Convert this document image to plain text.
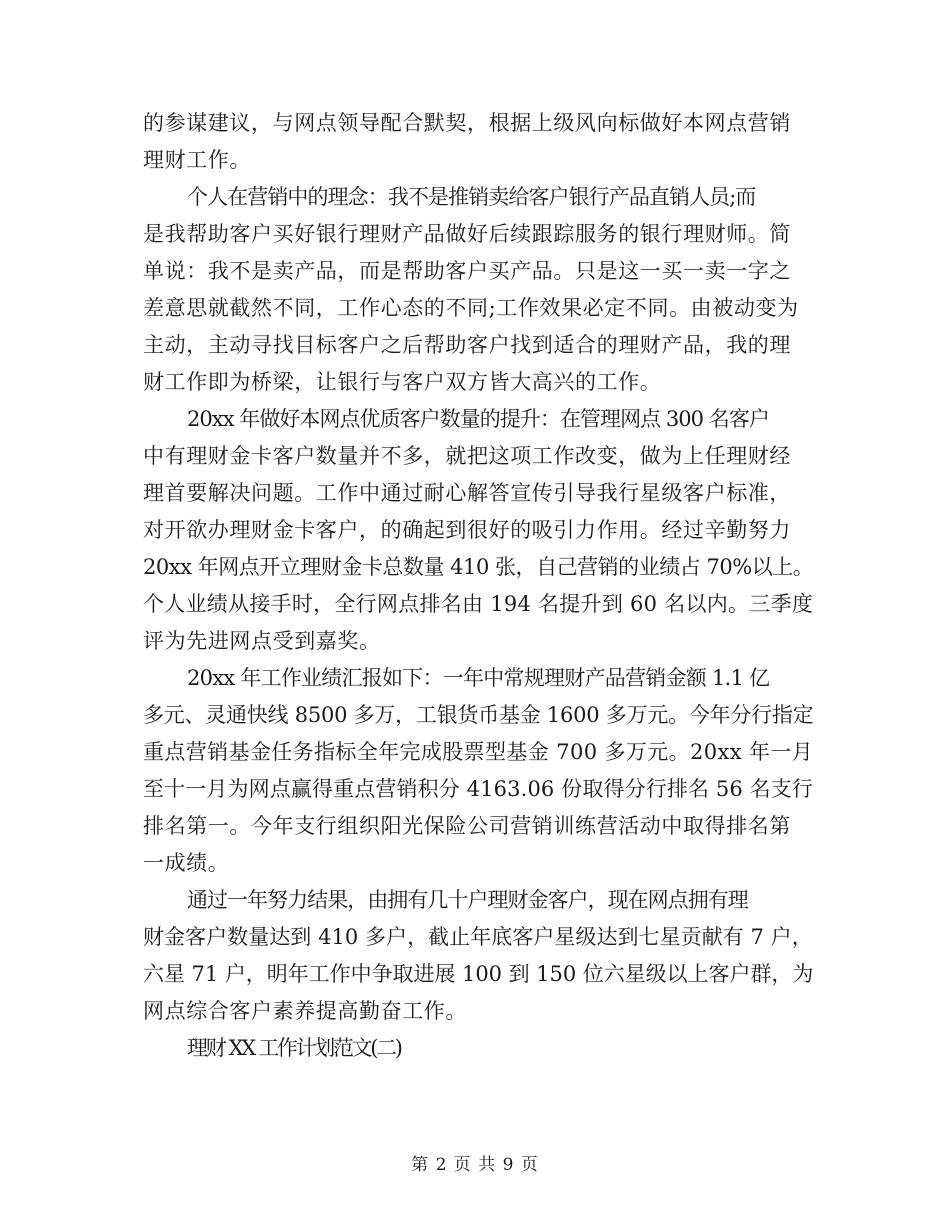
的参谋建议，与网点领导配合默契，根据上级风向标做好本网点营销
理财工作。
个人在营销中的理念：我不是推销卖给客户银行产品直销人员;而
是我帮助客户买好银行理财产品做好后续跟踪服务的银行理财师。简
单说：我不是卖产品，而是帮助客户买产品。只是这一买一卖一字之
差意思就截然不同，工作心态的不同;工作效果必定不同。由被动变为
主动，主动寻找目标客户之后帮助客户找到适合的理财产品，我的理
财工作即为桥梁，让银行与客户双方皆大高兴的工作。
20xx 年做好本网点优质客户数量的提升：在管理网点 300 名客户
中有理财金卡客户数量并不多，就把这项工作改变，做为上任理财经
理首要解决问题。工作中通过耐心解答宣传引导我行星级客户标准，
对开欲办理财金卡客户，的确起到很好的吸引力作用。经过辛勤努力
20xx 年网点开立理财金卡总数量 410 张，自己营销的业绩占 70%以上。
个人业绩从接手时，全行网点排名由 194 名提升到 60 名以内。三季度
评为先进网点受到嘉奖。
20xx 年工作业绩汇报如下：一年中常规理财产品营销金额 1.1 亿
多元、灵通快线 8500 多万，工银货币基金 1600 多万元。今年分行指定
重点营销基金任务指标全年完成股票型基金 700 多万元。20xx 年一月
至十一月为网点赢得重点营销积分 4163.06 份取得分行排名 56 名支行
排名第一。今年支行组织阳光保险公司营销训练营活动中取得排名第
一成绩。
通过一年努力结果，由拥有几十户理财金客户，现在网点拥有理
财金客户数量达到 410 多户，截止年底客户星级达到七星贡献有 7 户，
六星 71 户，明年工作中争取进展 100 到 150 位六星级以上客户群，为
网点综合客户素养提高勤奋工作。
理财 XX 工作计划范文(二)
第 2 页 共 9 页
